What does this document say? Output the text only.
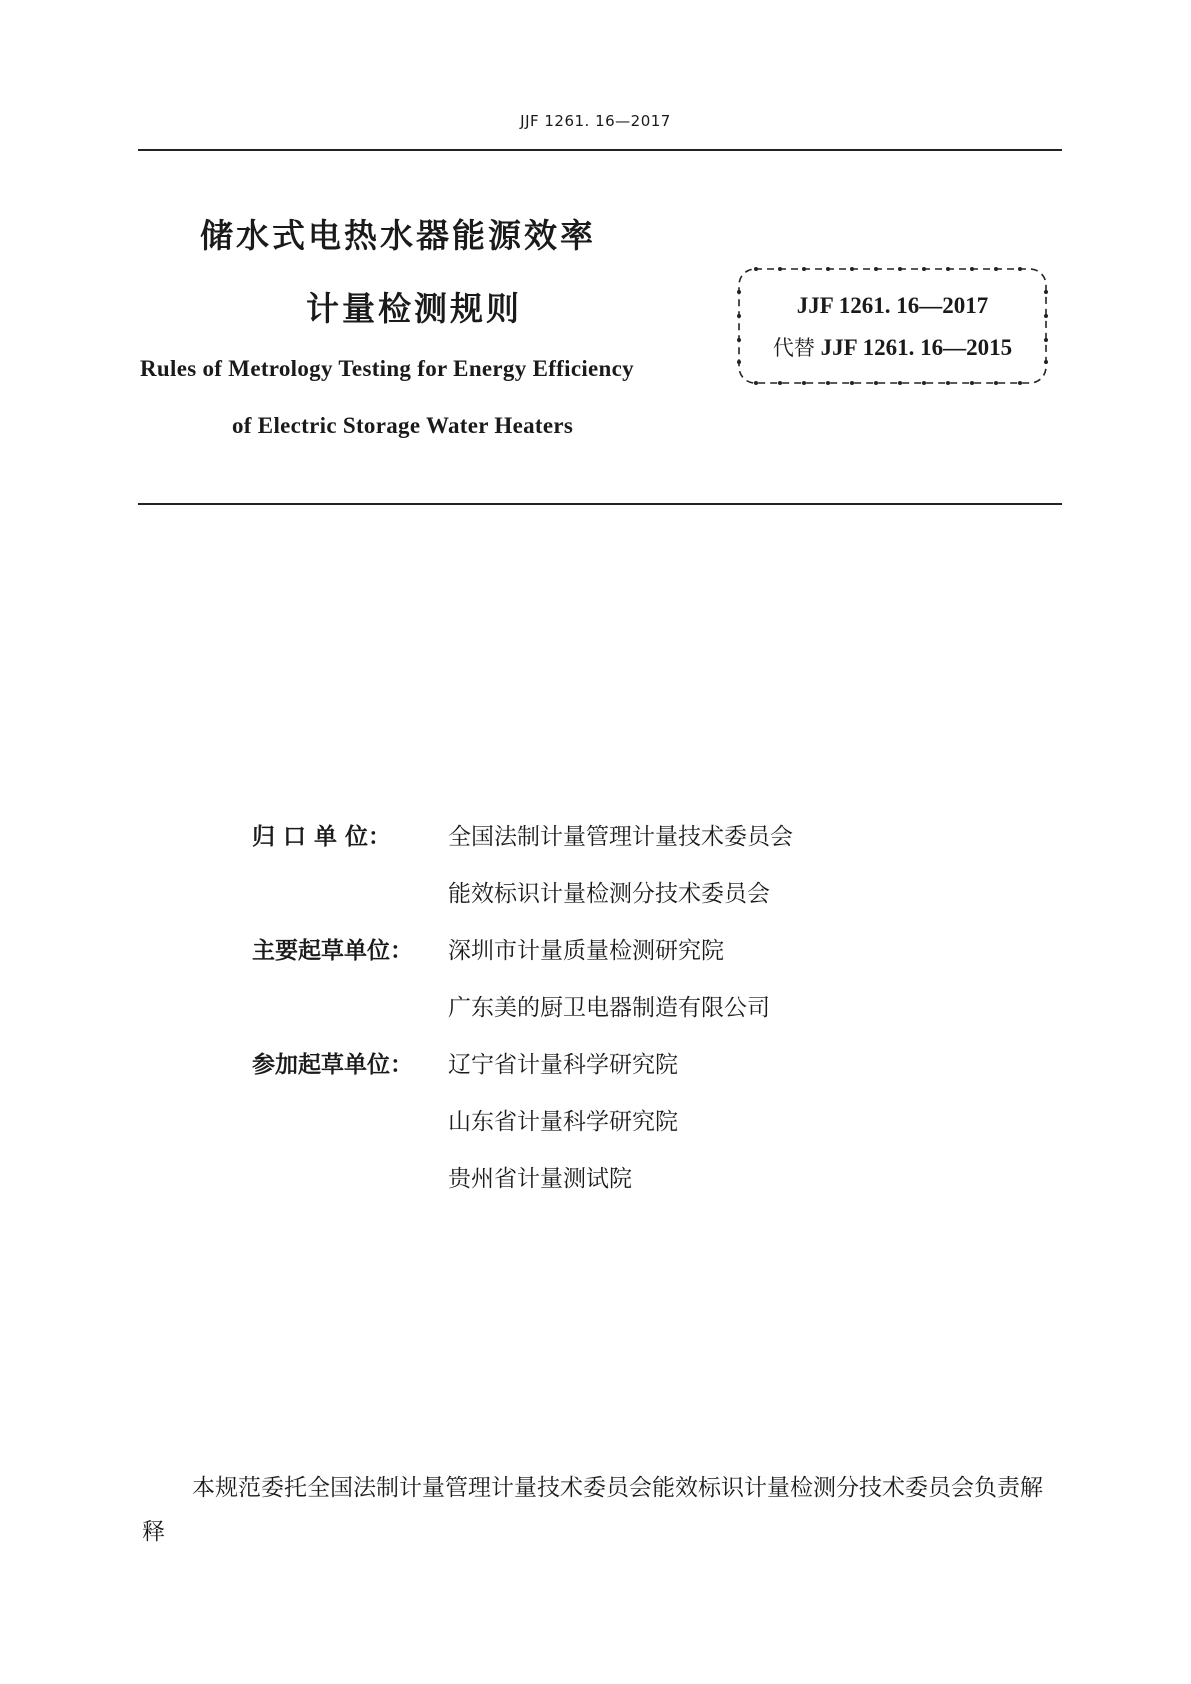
JJF 1261. 16—2017
储水式电热水器能源效率
计量检测规则
Rules of Metrology Testing for Energy Efficiency
of Electric Storage Water Heaters
JJF 1261. 16—2017
代替 JJF 1261. 16—2015
归 口 单 位：	全国法制计量管理计量技术委员会
能效标识计量检测分技术委员会
主要起草单位：	深圳市计量质量检测研究院
广东美的厨卫电器制造有限公司
参加起草单位：	辽宁省计量科学研究院
山东省计量科学研究院
贵州省计量测试院
本规范委托全国法制计量管理计量技术委员会能效标识计量检测分技术委员会负责解释
